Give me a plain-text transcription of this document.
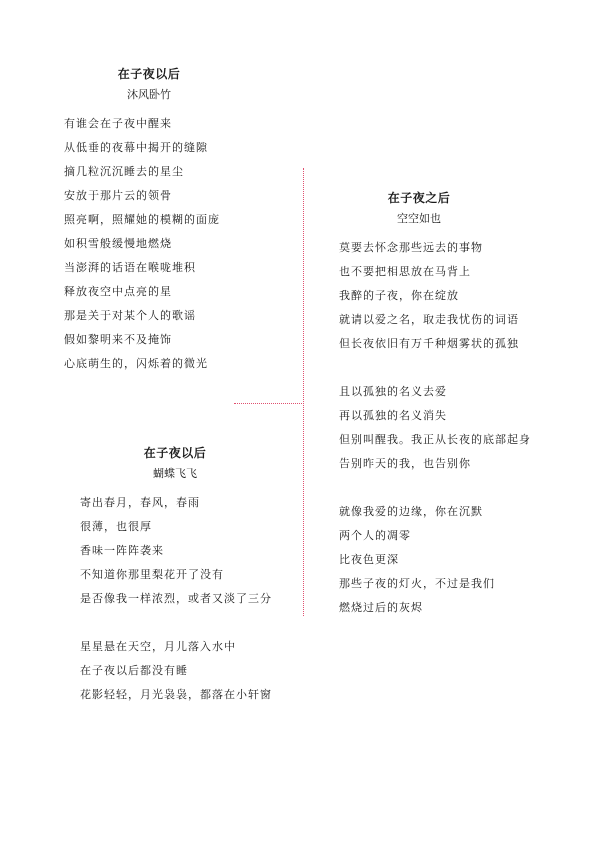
在子夜以后
沐风卧竹
有谁会在子夜中醒来
从低垂的夜幕中揭开的缝隙
摘几粒沉沉睡去的星尘
安放于那片云的领骨
照亮啊，照耀她的模糊的面庞
如积雪般缓慢地燃烧
当澎湃的话语在喉咙堆积
释放夜空中点亮的星
那是关于对某个人的歌谣
假如黎明来不及掩饰
心底萌生的，闪烁着的微光
在子夜之后
空空如也
莫要去怀念那些远去的事物
也不要把相思放在马背上
我醉的子夜，你在绽放
就请以爱之名，取走我忧伤的词语
但长夜依旧有万千种烟雾状的孤独
且以孤独的名义去爱
再以孤独的名义消失
但别叫醒我。我正从长夜的底部起身
告别昨天的我，也告别你
就像我爱的边缘，你在沉默
两个人的凋零
比夜色更深
那些子夜的灯火，不过是我们
燃烧过后的灰烬
在子夜以后
蝴蝶飞飞
寄出春月，春风，春雨
很薄，也很厚
香味一阵阵袭来
不知道你那里梨花开了没有
是否像我一样浓烈，或者又淡了三分
星星悬在天空，月儿落入水中
在子夜以后都没有睡
花影轻轻，月光袅袅，都落在小轩窗
